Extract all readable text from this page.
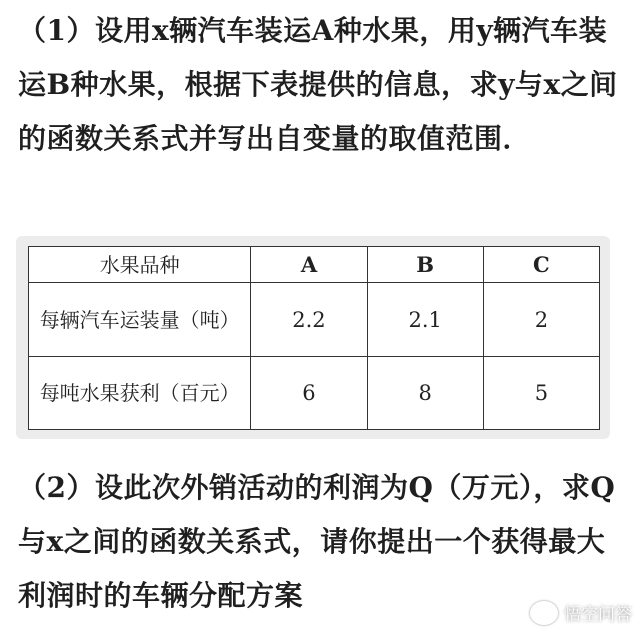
（1）设用x辆汽车装运A种水果，用y辆汽车装运B种水果，根据下表提供的信息，求y与x之间的函数关系式并写出自变量的取值范围．

水果品种	A	B	C
每辆汽车运装量（吨）	2.2	2.1	2
每吨水果获利（百元）	6	8	5

（2）设此次外销活动的利润为Q（万元），求Q与x之间的函数关系式，请你提出一个获得最大利润时的车辆分配方案

悟空问答
